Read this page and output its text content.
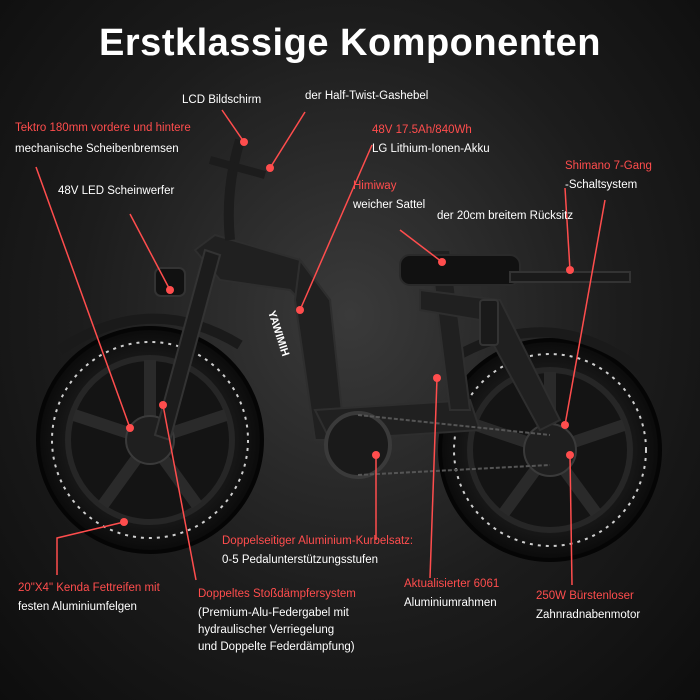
Erstklassige Komponenten
YAWIMIH
LCD Bildschirm	der Half-Twist-Gashebel
Tektro 180mm vordere und hintere
mechanische Scheibenbremsen
48V 17.5Ah/840Wh
LG Lithium-Ionen-Akku
Shimano 7-Gang
-Schaltsystem
48V LED Scheinwerfer	Himiway
weicher Sattel
der 20cm breitem Rücksitz
Doppelseitiger Aluminium-Kurbelsatz:
0-5 Pedalunterstützungsstufen
20"X4" Kenda Fettreifen mit
festen Aluminiumfelgen
Doppeltes Stoßdämpfersystem
(Premium-Alu-Federgabel mit
hydraulischer Verriegelung
und Doppelte Federdämpfung)
Aktualisierter 6061
Aluminiumrahmen
250W Bürstenloser
Zahnradnabenmotor
